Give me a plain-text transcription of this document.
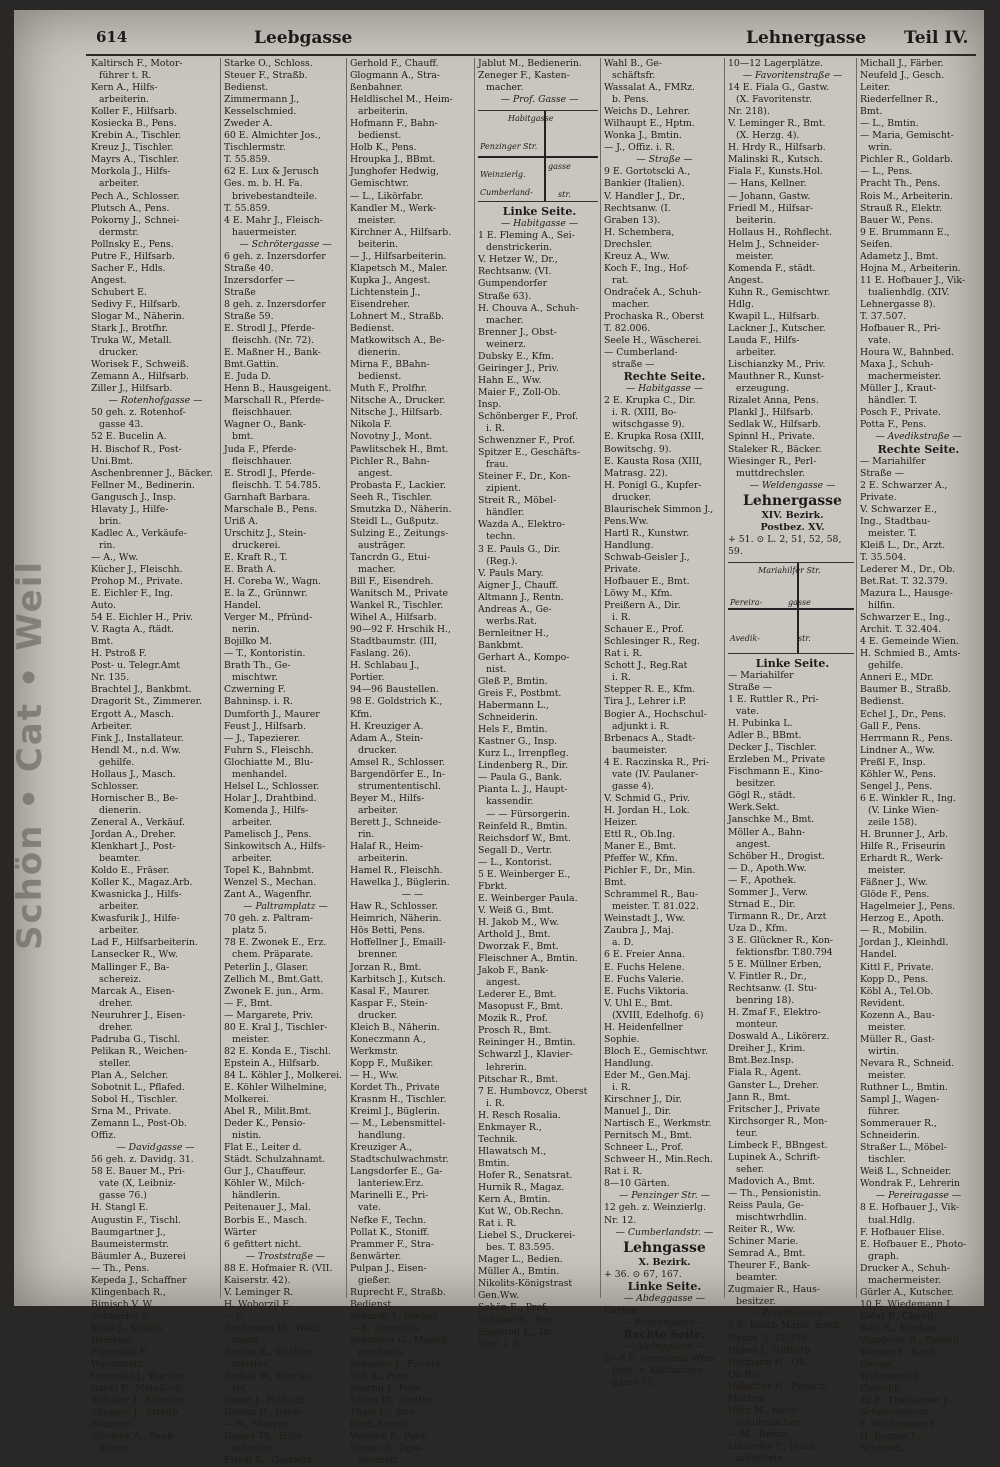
Schön • Cat • Weil
614	Leebgasse	Lehnergasse Teil IV.
Kaltirsch F., Motor-
führer t. R.
Kern A., Hilfs-
arbeiterin.
Koller F., Hilfsarb.
Kosiecka B., Pens.
Krebin A., Tischler.
Kreuz J., Tischler.
Mayrs A., Tischler.
Morkola J., Hilfs-
arbeiter.
Pech A., Schlosser.
Plutsch A., Pens.
Pokorny J., Schnei-
dermstr.
Pollnsky E., Pens.
Putre F., Hilfsarb.
Sacher F., Hdls.
Angest.
Schubert E.
Sedivy F., Hilfsarb.
Slogar M., Näherin.
Stark J., Brotfhr.
Truka W., Metall.
drucker.
Worisek F., Schweiß.
Zemann A., Hilfsarb.
Ziller J., Hilfsarb.
— Rotenhofgasse —
50 geh. z. Rotenhof-
gasse 43.
52 E. Bucelin A.
H. Bischof R., Post-
Uni.Bmt.
Aschenbrenner J., Bäcker.
Fellner M., Bedinerin.
Gangusch J., Insp.
Hlavaty J., Hilfe-
brin.
Kadlec A., Verkäufe-
rin.
— A., Ww.
Kücher J., Fleischh.
Prohop M., Private.
E. Eichler F., Ing.
Auto.
54 E. Eichler H., Priv.
V. Ragta A., ftädt.
Bmt.
H. Pstroß F.
Post- u. Telegr.Amt
Nr. 135.
Brachtel J., Bankbmt.
Dragorit St., Zimmerer.
Ergott A., Masch.
Arbeiter.
Fink J., Installateur.
Hendl M., n.d. Ww.
gehilfe.
Hollaus J., Masch.
Schlosser.
Hornischer B., Be-
dienerin.
Zeneral A., Verkäuf.
Jordan A., Dreher.
Klenkhart J., Post-
beamter.
Koldo E., Fräser.
Koller K., Magaz.Arb.
Kwasnicka J., Hilfs-
arbeiter.
Kwasfurik J., Hilfe-
arbeiter.
Lad F., Hilfsarbeiterin.
Lansecker R., Ww.
Mallinger F., Ba-
schereiz.
Marcak A., Eisen-
dreher.
Neuruhrer J., Eisen-
dreher.
Padruba G., Tischl.
Pelikan R., Weichen-
steller.
Plan A., Selcher.
Sobotnit L., Pflafed.
Sobol H., Tischler.
Srna M., Private.
Zemann L., Post-Ob.
Offiz.
— Davidgasse —
56 geh. z. Davidg. 31.
58 E. Bauer M., Pri-
vate (X, Leibniz-
gasse 76.)
H. Stangl E.
Augustin F., Tischl.
Baumgartner J.,
Baumeistermstr.
Bäumler A., Buzerei
— Th., Pens.
Kepeda J., Schaffner
Klingenbach R.,
Bimisch V. W.
Schneider F.
Kölbl J., Straßb
Bedienst.
Papoukek F.,
Wachtmstr.
Querelez J., Wachm.
Rankl F., Metallarb.
Schader J., Schuhm.
Shopper J., Straßb
Bedienst.
Slovicek A., Bank-
diener.
Starke O., Schloss.
Steuer F., Straßb.
Bedienst.
Zimmermann J.,
Kesselschmied.
Zweder A.
60 E. Almichter Jos.,
Tischlermstr.
T. 55.859.
62 E. Lux & Jerusch
Ges. m. b. H. Fa.
brivebestandteile.
T. 55.859.
4 E. Mahr J., Fleisch-
hauermeister.
— Schrötergasse —
6 geh. z. Inzersdorfer
Straße 40.
Inzersdorfer —
Straße
8 geh. z. Inzersdorfer
Straße 59.
E. Strodl J., Pferde-
fleischh. (Nr. 72).
E. Maßner H., Bank-
Bmt.Gattin.
E. Juda D.
Henn B., Hausgeigent.
Marschall R., Pferde-
fleischhauer.
Wagner O., Bank-
bmt.
Juda F., Pferde-
fleischhauer.
E. Strodl J., Pferde-
fleischh. T. 54.785.
Garnhaft Barbara.
Marschale B., Pens.
Uriß A.
Urschitz J., Stein-
druckerei.
E. Kraft R., T.
E. Brath A.
H. Coreba W., Wagn.
E. la Z., Grünnwr.
Handel.
Verger M., Pfründ-
nerin.
Bojilko M.
— T., Kontoristin.
Brath Th., Ge-
mischtwr.
Czwerning F.
Bahninsp. i. R.
Dumforth J., Maurer
Feust J., Hilfsarb.
— J., Tapezierer.
Fuhrn S., Fleischh.
Glochiatte M., Blu-
menhandel.
Helsel L., Schlosser.
Holar J., Drahtbind.
Komenda J., Hilfs-
arbeiter.
Pamelisch J., Pens.
Sinkowitsch A., Hilfs-
arbeiter.
Topel K., Bahnbmt.
Wenzel S., Mechan.
Zant A., Wagenfhr.
— Paltramplatz —
70 geh. z. Paltram-
platz 5.
78 E. Zwonek E., Erz.
chem. Präparate.
Peterlin J., Glaser.
Zellich M., Bmt.Gatt.
Zwonek E. jun., Arm.
— F., Bmt.
— Margarete, Priv.
80 E. Kral J., Tischler-
meister.
82 E. Konda E., Tischl.
Epstein A., Hilfsarb.
84 L. Köhler J., Molkerei.
E. Köhler Wilhelmine,
Molkerei.
Abel R., Milit.Bmt.
Deder K., Pensio-
nistin.
Flat E., Leiter d.
Städt. Schulzahnamt.
Gur J., Chauffeur.
Köhler W., Milch-
händlerin.
Peitenauer J., Mal.
Borbis E., Masch.
Wärter
6 gefittert nicht.
— Troststraße —
88 E. Hofmaier R. (VII.
Kaiserstr. 42).
V. Leminger R.
H. Woborzil E.
— F.
Bachmann M., Wach-
mann.
Bartha R., Tischler-
meister.
Bodlak W., Drucke-
rei.
Danet J., Hilfsarb.
Dolenz R., Bank-
— R., Maurer.
Domet Th., Hilfs-
arbeiter.
Friedl R., Gastwirt.
Gerhold F., Chauff.
Glogmann A., Stra-
ßenbahner.
Heldlischel M., Heim-
arbeiterin.
Hofmann F., Bahn-
bedienst.
Holb K., Pens.
Hroupka J., BBmt.
Junghofer Hedwig,
Gemischtwr.
— L., Likörfabr.
Kandler M., Werk-
meister.
Kirchner A., Hilfsarb.
beiterin.
— J., Hilfsarbeiterin.
Klapetsch M., Maler.
Kupka J., Angest.
Lichtenstein J.,
Eisendreher.
Lohnert M., Straßb.
Bedienst.
Matkowitsch A., Be-
dienerin.
Mirna F., BBahn-
bedienst.
Muth F., Prolfhr.
Nitsche A., Drucker.
Nitsche J., Hilfsarb.
Nikola F.
Novotny J., Mont.
Pawlitschek H., Bmt.
Pichler R., Bahn-
angest.
Probasta F., Lackier.
Seeh R., Tischler.
Smutzka D., Näherin.
Steidl L., Gußputz.
Sulzing E., Zeitungs-
austräger.
Tancrdn G., Etui-
macher.
Bill F., Eisendreh.
Wanitsch M., Private
Wankel R., Tischler.
Wihel A., Hilfsarb.
90—92 F. Hrschik H.,
Stadtbaumstr. (III,
Faslang. 26).
H. Schlabau J.,
Portier.
94—96 Baustellen.
98 E. Goldstrich K.,
Kfm.
H. Kreuziger A.
Adam A., Stein-
drucker.
Amsel R., Schlosser.
Bargendörfer E., In-
strumententischl.
Beyer M., Hilfs-
arbeiter.
Berett J., Schneide-
rin.
Halaf R., Heim-
arbeiterin.
Hamel R., Fleischh.
Hawelka J., Büglerin.
— —
Haw R., Schlosser.
Heimrich, Näherin.
Hös Betti, Pens.
Hoffellner J., Emaill-
brenner.
Jorzan R., Bmt.
Karbitsch J., Kutsch.
Kasal F., Maurer.
Kaspar F., Stein-
drucker.
Kleich B., Näherin.
Koneczmann A.,
Werkmstr.
Kopp F., Mußiker.
— H., Ww.
Kordet Th., Private
Krasnm H., Tischler.
Kreiml J., Büglerin.
— M., Lebensmittel-
handlung.
Kreuziger A.,
Stadtschulwachmstr.
Langsdorfer E., Ga-
lanteriew.Erz.
Marinelli E., Pri-
vate.
Nefke F., Techn.
Pollat K., Stoniff.
Prammer F., Stra-
ßenwärter.
Pulpan J., Eisen-
gießer.
Ruprecht F., Straßb.
Bedienst.
Schmidt J., Dreher.
— J., Hausfrau.
Schrotter G., Modell-
macherin.
Schuster J., Private.
Seh A., Pens.
Soarnn J., Pens.
Szileo W., Brotfhr.
Thale E., Stra-
ßenb.Angest.
Vojtisek F., Pens.
Votnar F., Tape-
ziermstr.
Jablut M., Bedienerin.
Zeneger F., Kasten-
macher.
— Prof. Gasse —
Habitgasse
Penzinger Str.
Weinzierlg.
Cumberland-
gasse
str.
Linke Seite.
— Habitgasse —
1 E. Fleming A., Sei-
denstrickerin.
V. Hetzer W., Dr.,
Rechtsanw. (VI.
Gumpendorfer
Straße 63).
H. Chouva A., Schuh-
macher.
Brenner J., Obst-
weinerz.
Dubsky E., Kfm.
Geiringer J., Priv.
Hahn E., Ww.
Maier F., Zoll-Ob.
Insp.
Schönberger F., Prof.
i. R.
Schwenzner F., Prof.
Spitzer E., Geschäfts-
frau.
Steiner F., Dr., Kon-
zipient.
Streit R., Möbel-
händler.
Wazda A., Elektro-
techn.
3 E. Pauls G., Dir.
(Reg.).
V. Pauls Mary.
Aigner J., Chauff.
Altmann J., Rentn.
Andreas A., Ge-
werbs.Rat.
Bernleitner H.,
Bankbmt.
Gerhart A., Kompo-
nist.
Gleß P., Bmtin.
Greis F., Postbmt.
Habermann L.,
Schneiderin.
Hels F., Bmtin.
Kastner G., Insp.
Kurz L., Irrenpfleg.
Lindenberg R., Dir.
— Paula G., Bank.
Pianta L. J., Haupt-
kassendir.
— — Fürsorgerin.
Reinfeld R., Bmtin.
Reichsdorf W., Bmt.
Segall D., Vertr.
— L., Kontorist.
5 E. Weinberger E.,
Fbrkt.
E. Weinberger Paula.
V. Weiß G., Bmt.
H. Jakob M., Ww.
Arthold J., Bmt.
Dworzak F., Bmt.
Fleischner A., Bmtin.
Jakob F., Bank-
angest.
Lederer E., Bmt.
Masopust F., Bmt.
Mozik R., Prof.
Prosch R., Bmt.
Reininger H., Bmtin.
Schwarzl J., Klavier-
lehrerin.
Pitschar R., Bmt.
7 E. Humbovcz, Oberst
i. R.
H. Resch Rosalia.
Enkmayer R.,
Technik.
Hlawatsch M.,
Bmtin.
Hofer R., Senatsrat.
Hurnik R., Magaz.
Kern A., Bmtin.
Kut W., Ob.Rechn.
Rat i. R.
Liebel S., Druckerei-
bes. T. 83.595.
Mager L., Bedien.
Müller A., Bmtin.
Nikolits-Königstrast
Gen.Ww.
Schön E., Prof.
Schäbel R., Bmt.
Sigmund K., Dr.
Prof. i. R.
Wahl B., Ge-
schäftsfr.
Wassalat A., FMRz.
b. Pens.
Weichs D., Lehrer.
Wilhaupt E., Hptm.
Wonka J., Bmtin.
— J., Offiz. i. R.
— Straße —
9 E. Gortotscki A.,
Bankier (Italien).
V. Handler J., Dr.,
Rechtsanw. (I.
Graben 13).
H. Schembera,
Drechsler.
Kreuz A., Ww.
Koch F., Ing., Hof-
rat.
Ondraček A., Schuh-
macher.
Prochaska R., Oberst
T. 82.006.
Seele H., Wäscherei.
— Cumberland-
straße —
Rechte Seite.
— Habitgasse —
2 E. Krupka C., Dir.
i. R. (XIII, Bo-
witschgasse 9).
E. Krupka Rosa (XIII,
Bowitschg. 9).
E. Kausta Rosa (XIII,
Matrasg. 22).
H. Ponigl G., Kupfer-
drucker.
Blaurischek Simmon J.,
Pens.Ww.
Hartl R., Kunstwr.
Handlung.
Schwab-Geisler J.,
Private.
Hofbauer E., Bmt.
Löwy M., Kfm.
Preißern A., Dir.
i. R.
Schauer E., Prof.
Schlesinger R., Reg.
Rat i. R.
Schott J., Reg.Rat
i. R.
Stepper R. E., Kfm.
Tira J., Lehrer i.P.
Bogier A., Hochschul-
adjunkt i. R.
Brbenacs A., Stadt-
baumeister.
4 E. Raczinska R., Pri-
vate (IV. Paulaner-
gasse 4).
V. Schmid G., Priv.
H. Jordan H., Lok.
Heizer.
Ettl R., Ob.Ing.
Maner E., Bmt.
Pfeffer W., Kfm.
Pichler F., Dr., Min.
Bmt.
Schrammel R., Bau-
meister. T. 81.022.
Weinstadt J., Ww.
Zaubra J., Maj.
a. D.
6 E. Freier Anna.
E. Fuchs Helene.
E. Fuchs Valerie.
E. Fuchs Viktoria.
V. Uhl E., Bmt.
(XVIII, Edelhofg. 6)
H. Heidenfellner
Sophie.
Bloch E., Gemischtwr.
Handlung.
Eder M., Gen.Maj.
i. R.
Kirschner J., Dir.
Manuel J., Dir.
Nartisch E., Werkmstr.
Pernitsch M., Bmt.
Schneer L., Prof.
Schweer H., Min.Rech.
Rat i. R.
8—10 Gärten.
— Penzinger Str. —
12 geh. z. Weinzierlg.
Nr. 12.
— Cumberlandstr. —
Lehngasse
X. Bezirk.
+ 36. ⊙ 67, 167.
Linke Seite.
— Abdeggasse —
Gärten.
— Weidengasse —
Rechte Seite.
— Abdeggasse —
2—8 E. Gemeinde Wien
(geh. z. Katharinen-
gasse 1).
10—12 Lagerplätze.
— Favoritenstraße —
14 E. Fiala G., Gastw.
(X. Favoritenstr.
Nr. 218).
V. Leminger R., Bmt.
(X. Herzg. 4).
H. Hrdy R., Hilfsarb.
Malinski R., Kutsch.
Fiala F., Kunsts.Hol.
— Hans, Kellner.
— Johann, Gastw.
Friedl M., Hilfsar-
beiterin.
Hollaus H., Rohflecht.
Helm J., Schneider-
meister.
Komenda F., städt.
Angest.
Kuhn R., Gemischtwr.
Hdlg.
Kwapil L., Hilfsarb.
Lackner J., Kutscher.
Lauda F., Hilfs-
arbeiter.
Lischianzky M., Priv.
Mauthner R., Kunst-
erzeugung.
Rizalet Anna, Pens.
Plankl J., Hilfsarb.
Sedlak W., Hilfsarb.
Spinnl H., Private.
Staleker R., Bäcker.
Wiesinger R., Perl-
muttdrechsler.
— Weldengasse —
Lehnergasse
XIV. Bezirk.
Postbez. XV.
+ 51. ⊙ L. 2, 51, 52, 58,
59.
Mariahilfer Str.
Pereira-	gasse
Avedik-	str.
Linke Seite.
— Mariahilfer
Straße —
1 E. Ruttler R., Pri-
vate.
H. Pubinka L.
Adler B., BBmt.
Decker J., Tischler.
Erzleben M., Private
Fischmann E., Kino-
besitzer.
Gögl R., städt.
Werk.Sekt.
Janschke M., Bmt.
Möller A., Bahn-
angest.
Schöber H., Drogist.
— D., Apoth.Ww.
— F., Apothek.
Sommer J., Verw.
Strnad E., Dir.
Tirmann R., Dr., Arzt
Uza D., Kfm.
3 E. Glückner R., Kon-
fektionsfbr. T.80.794
5 E. Müllner Erben,
V. Fintler R., Dr.,
Rechtsanw. (I. Stu-
benring 18).
H. Zmaf F., Elektro-
monteur.
Doswald A., Likörerz.
Dreiher J., Krim.
Bmt.Bez.Insp.
Fiala R., Agent.
Ganster L., Dreher.
Jann R., Bmt.
Fritscher J., Private
Kirchsorger R., Mon-
teur.
Limbeck F., BBngest.
Lupinek A., Schrift-
seher.
Madovich A., Bmt.
— Th., Pensionistin.
Reiss Paula, Ge-
mischtwrhdlin.
Reiter R., Ww.
Schiner Marie.
Semrad A., Bmt.
Theurer F., Bank-
beamter.
Zugmaier R., Haus-
besitzer.
— Peretragasse —
7 E. Kosch Marie, mech.
Werks. T. 32.975.
Dobes J., Hilfsarb.
Hofmann H., Ob.
Ob.Rat.
Holocher H., Peitsch.
Macher.
Hörr M., Hand-
schuhmacher.
— M., Bmtin.
Lindorfer F., Heim-
arbeiterin.
Michall J., Färber.
Neufeld J., Gesch.
Leiter.
Riederfellner R.,
Bmt.
— L., Bmtin.
— Maria, Gemischt-
wrin.
Pichler R., Goldarb.
— L., Pens.
Pracht Th., Pens.
Rois M., Arbeiterin.
Strauß R., Elektr.
Bauer W., Pens.
9 E. Brummann E.,
Seifen.
Adametz J., Bmt.
Hojna M., Arbeiterin.
11 E. Hofbauer J., Vik-
tualienhdlg. (XIV.
Lehnergasse 8).
T. 37.507.
Hofbauer R., Pri-
vate.
Houra W., Bahnbed.
Maxa J., Schuh-
machermeister.
Müller J., Kraut-
händler. T.
Posch F., Private.
Potta F., Pens.
— Avedikstraße —
Rechte Seite.
— Mariahilfer
Straße —
2 E. Schwarzer A.,
Private.
V. Schwarzer E.,
Ing., Stadtbau-
meister. T.
Kleiß L., Dr., Arzt.
T. 35.504.
Lederer M., Dr., Ob.
Bet.Rat. T. 32.379.
Mazura L., Hausge-
hilfin.
Schwarzer E., Ing.,
Archit. T. 32.404.
4 E. Gemeinde Wien.
H. Schmied B., Amts-
gehilfe.
Anneri E., MDr.
Baumer B., Straßb.
Bedienst.
Echel J., Dr., Pens.
Gall F., Pens.
Herrmann R., Pens.
Lindner A., Ww.
Preßl F., Insp.
Köhler W., Pens.
Sengel J., Pens.
6 E. Winkler R., Ing.
(V. Linke Wien-
zeile 158).
H. Brunner J., Arb.
Hilfe R., Friseurin
Erhardt R., Werk-
meister.
Fäßner J., Ww.
Glöde F., Pens.
Hagelmeier J., Pens.
Herzog E., Apoth.
— R., Mobilin.
Jordan J., Kleinhdl.
Handel.
Kittl F., Private.
Kopp D., Pens.
Köbl A., Tel.Ob.
Revident.
Kozenn A., Bau-
meister.
Müller R., Gast-
wirtin.
Nevara R., Schneid.
meister.
Ruthner L., Bmtin.
Sampl J., Wagen-
führer.
Sommerauer R.,
Schneiderin.
Straßer L., Möbel-
tischler.
Weiß L., Schneider.
Wondrak F., Lehrerin
— Pereiragasse —
8 E. Hofbauer J., Vik-
tual.Hdlg.
F. Hofbauer Elise.
E. Hofbauer E., Photo-
graph.
Drucker A., Schuh-
machermeister.
Gürler A., Kutscher.
10 E. Wiedemann J.
Kolar F., Chauff.
Reis R., Mechan.
Wanderer R., Fleisch.
Werner F., Koch.
Diener.
Widemann J.,
Fleischh.
12 E. Thalhauser J.,
Schmiedemstr.
F. Wiedemann F.
H. Bogner J.,
Schmied.
